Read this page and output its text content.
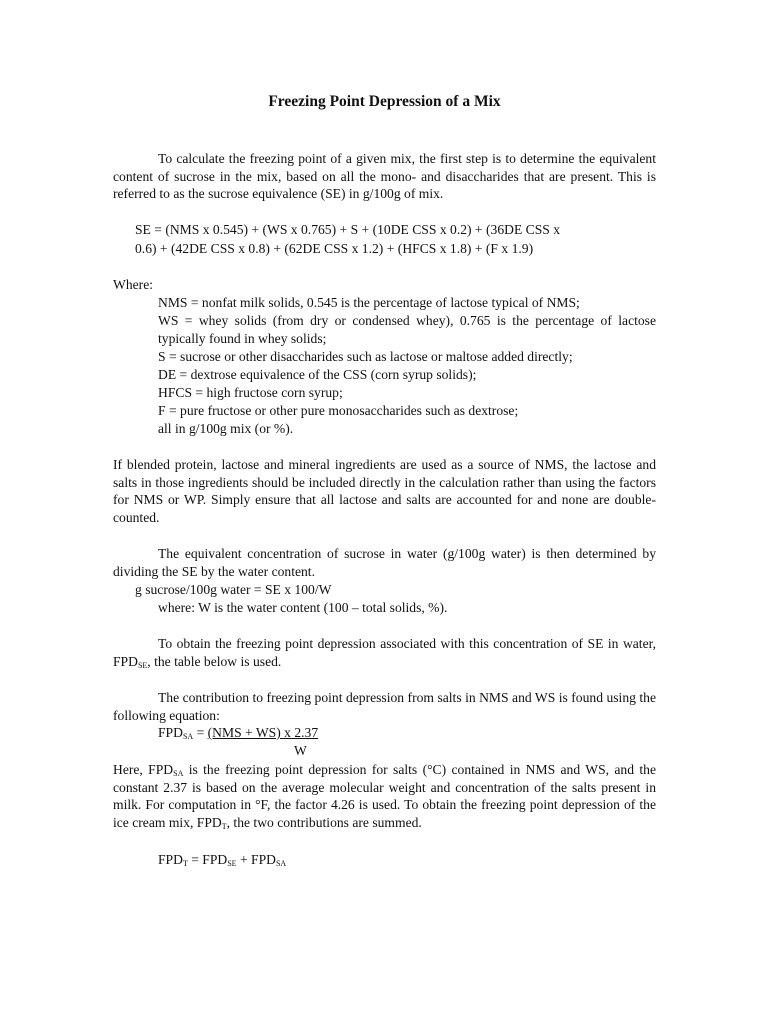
Freezing Point Depression of a Mix

To calculate the freezing point of a given mix, the first step is to determine the equivalent content of sucrose in the mix, based on all the mono- and disaccharides that are present. This is referred to as the sucrose equivalence (SE) in g/100g of mix.

SE = (NMS x 0.545) + (WS x 0.765) + S + (10DE CSS x 0.2) + (36DE CSS x
0.6) + (42DE CSS x 0.8) + (62DE CSS x 1.2) + (HFCS x 1.8) + (F x 1.9)
Where:
NMS = nonfat milk solids, 0.545 is the percentage of lactose typical of NMS;
WS = whey solids (from dry or condensed whey), 0.765 is the percentage of lactose typically found in whey solids;
S = sucrose or other disaccharides such as lactose or maltose added directly;
DE = dextrose equivalence of the CSS (corn syrup solids);
HFCS = high fructose corn syrup;
F = pure fructose or other pure monosaccharides such as dextrose;
all in g/100g mix (or %).

If blended protein, lactose and mineral ingredients are used as a source of NMS, the lactose and salts in those ingredients should be included directly in the calculation rather than using the factors for NMS or WP. Simply ensure that all lactose and salts are accounted for and none are double-counted.

The equivalent concentration of sucrose in water (g/100g water) is then determined by dividing the SE by the water content.

g sucrose/100g water = SE x 100/W
where: W is the water content (100 – total solids, %).

To obtain the freezing point depression associated with this concentration of SE in water, $FPD_{SE}$, the table below is used.

The contribution to freezing point depression from salts in NMS and WS is found using the following equation:

$FPD_{SA} = (NMS + WS)$ x 2.37
W

Here, $FPD_{SA}$ is the freezing point depression for salts (°C) contained in NMS and WS, and the constant 2.37 is based on the average molecular weight and concentration of the salts present in milk. For computation in °F, the factor 4.26 is used. To obtain the freezing point depression of the ice cream mix, $FPD_T$, the two contributions are summed.

$FPD_T = FPD_{SE} + FPD_{SA}$
